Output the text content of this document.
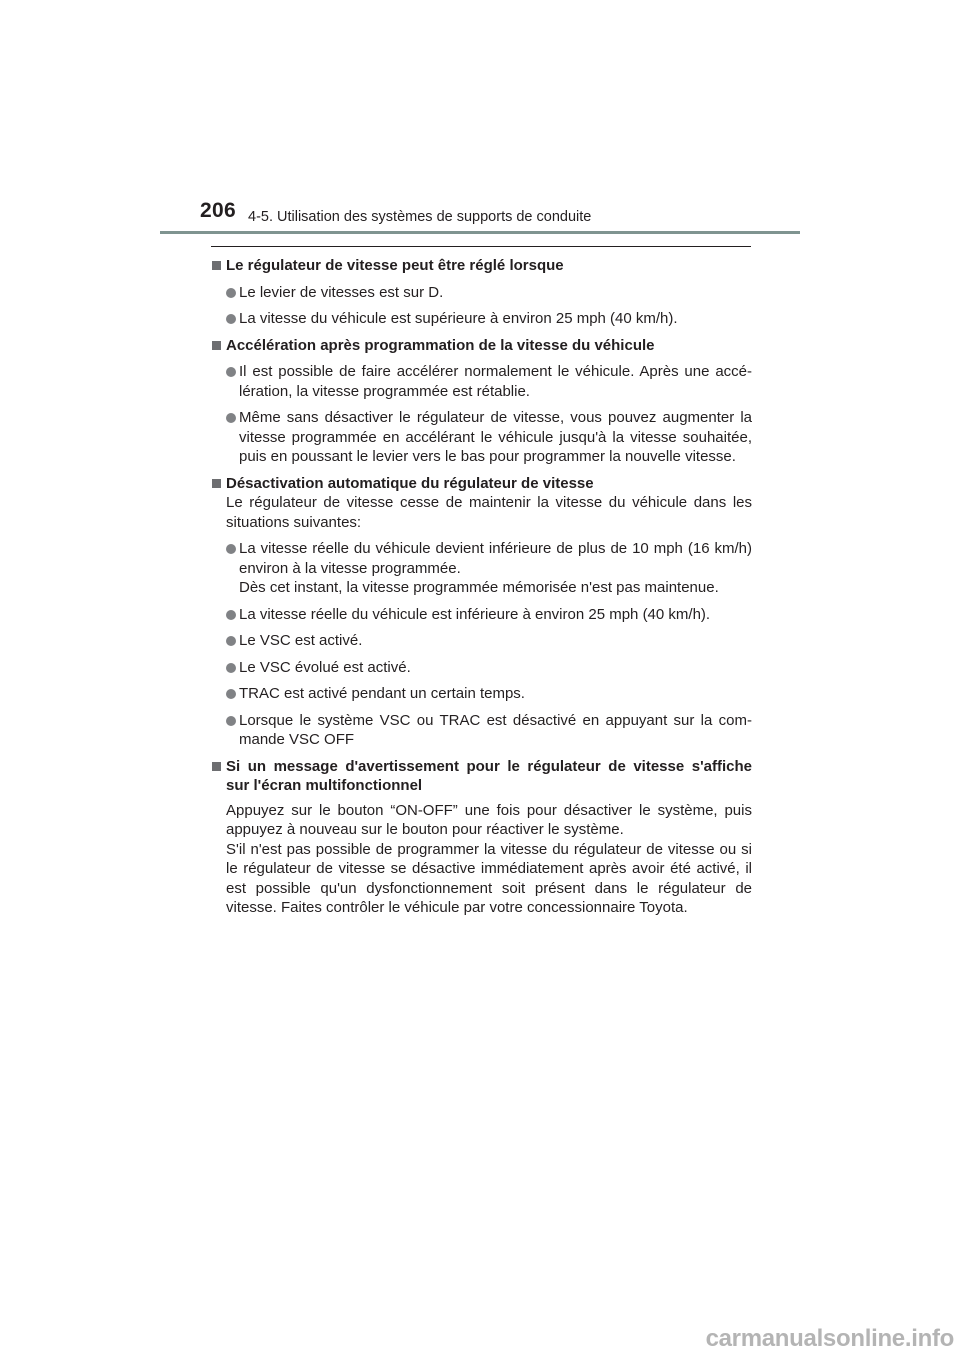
206 4-5. Utilisation des systèmes de supports de conduite
Le régulateur de vitesse peut être réglé lorsque
Le levier de vitesses est sur D.
La vitesse du véhicule est supérieure à environ 25 mph (40 km/h).
Accélération après programmation de la vitesse du véhicule
Il est possible de faire accélérer normalement le véhicule. Après une accé-
lération, la vitesse programmée est rétablie.
Même sans désactiver le régulateur de vitesse, vous pouvez augmenter la
vitesse programmée en accélérant le véhicule jusqu'à la vitesse souhaitée,
puis en poussant le levier vers le bas pour programmer la nouvelle vitesse.
Désactivation automatique du régulateur de vitesse
Le régulateur de vitesse cesse de maintenir la vitesse du véhicule dans les
situations suivantes:
La vitesse réelle du véhicule devient inférieure de plus de 10 mph (16 km/h)
environ à la vitesse programmée.
Dès cet instant, la vitesse programmée mémorisée n'est pas maintenue.
La vitesse réelle du véhicule est inférieure à environ 25 mph (40 km/h).
Le VSC est activé.
Le VSC évolué est activé.
TRAC est activé pendant un certain temps.
Lorsque le système VSC ou TRAC est désactivé en appuyant sur la com-
mande VSC OFF
Si un message d'avertissement pour le régulateur de vitesse s'affiche
sur l'écran multifonctionnel
Appuyez sur le bouton “ON-OFF” une fois pour désactiver le système, puis
appuyez à nouveau sur le bouton pour réactiver le système.
S'il n'est pas possible de programmer la vitesse du régulateur de vitesse ou si
le régulateur de vitesse se désactive immédiatement après avoir été activé, il
est possible qu'un dysfonctionnement soit présent dans le régulateur de
vitesse. Faites contrôler le véhicule par votre concessionnaire Toyota.
carmanualsonline.info
